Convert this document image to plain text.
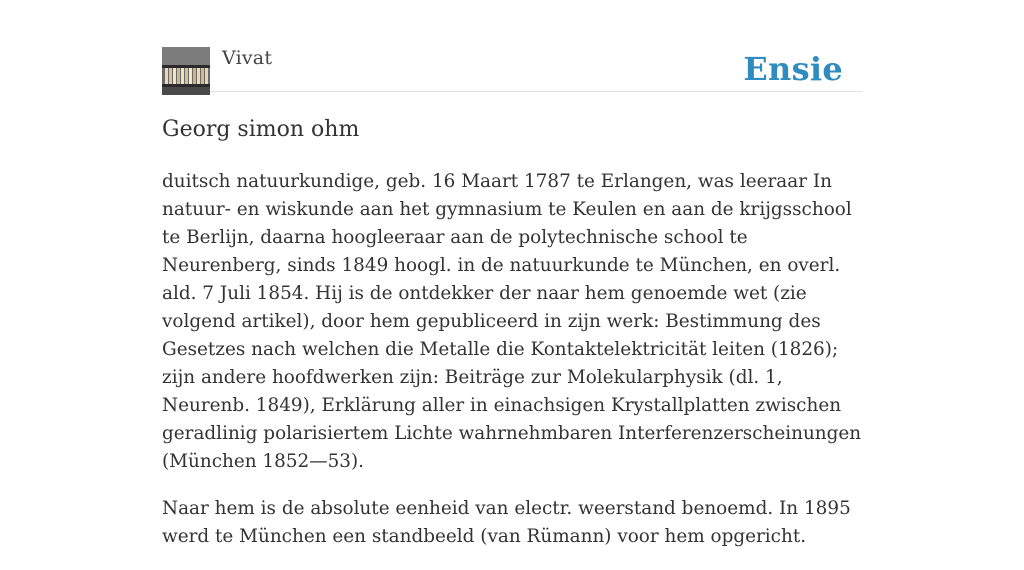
Vivat	Ensie
Georg simon ohm

duitsch natuurkundige, geb. 16 Maart 1787 te Erlangen, was leeraar In natuur- en wiskunde aan het gymnasium te Keulen en aan de krijgsschool te Berlijn, daarna hoogleeraar aan de polytechnische school te Neurenberg, sinds 1849 hoogl. in de natuurkunde te München, en overl. ald. 7 Juli 1854. Hij is de ontdekker der naar hem genoemde wet (zie volgend artikel), door hem gepubliceerd in zijn werk: Bestimmung des Gesetzes nach welchen die Metalle die Kontaktelektricität leiten (1826); zijn andere hoofdwerken zijn: Beiträge zur Molekularphysik (dl. 1, Neurenb. 1849), Erklärung aller in einachsigen Krystallplatten zwischen geradlinig polarisiertem Lichte wahrnehmbaren Interferenzerscheinungen (München 1852—53).

Naar hem is de absolute eenheid van electr. weerstand benoemd. In 1895 werd te München een standbeeld (van Rümann) voor hem opgericht.
